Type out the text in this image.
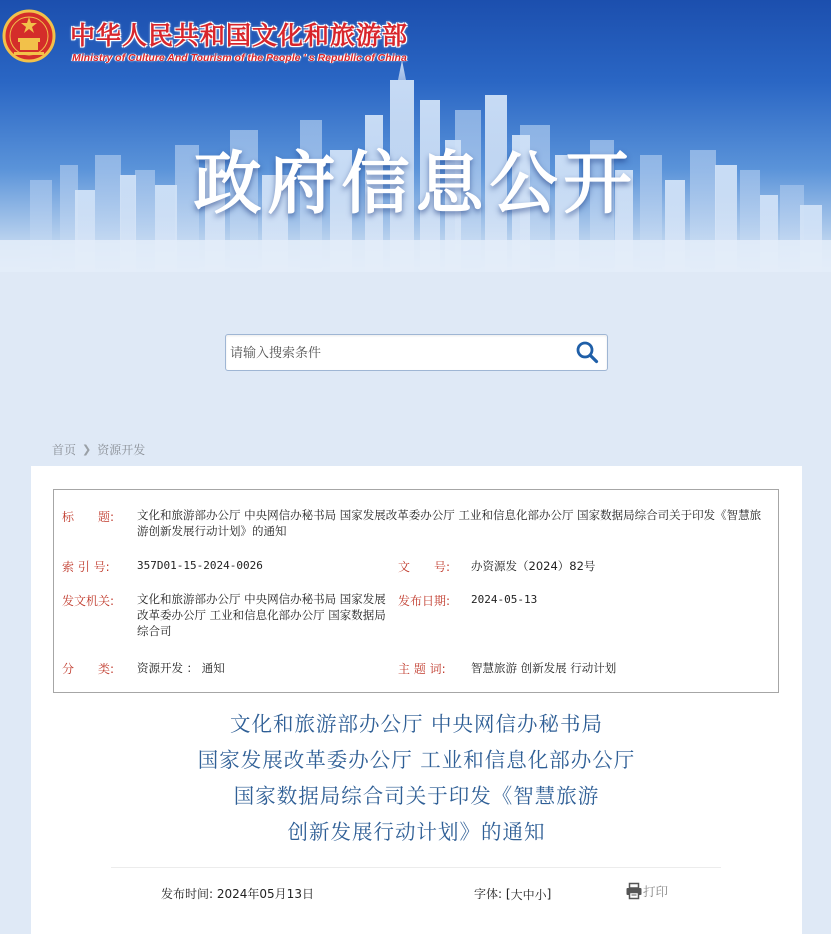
中华人民共和国文化和旅游部
Ministry of Culture And Tourism of the People ' s Republic of China
政府信息公开
请输入搜索条件
首页 ❯ 资源开发
标　　题: 文化和旅游部办公厅 中央网信办秘书局 国家发展改革委办公厅 工业和信息化部办公厅 国家数据局综合司关于印发《智慧旅游创新发展行动计划》的通知
索 引 号: 357D01-15-2024-0026	文　　号: 办资源发（2024）82号
发文机关: 文化和旅游部办公厅 中央网信办秘书局 国家发展改革委办公厅 工业和信息化部办公厅 国家数据局综合司
发布日期: 2024-05-13
分　　类: 资源开发 ： 通知	主 题 词: 智慧旅游 创新发展 行动计划
文化和旅游部办公厅 中央网信办秘书局
国家发展改革委办公厅 工业和信息化部办公厅
国家数据局综合司关于印发《智慧旅游
创新发展行动计划》的通知
发布时间: 2024年05月13日	字体: [ 大 中 小 ]	打印
